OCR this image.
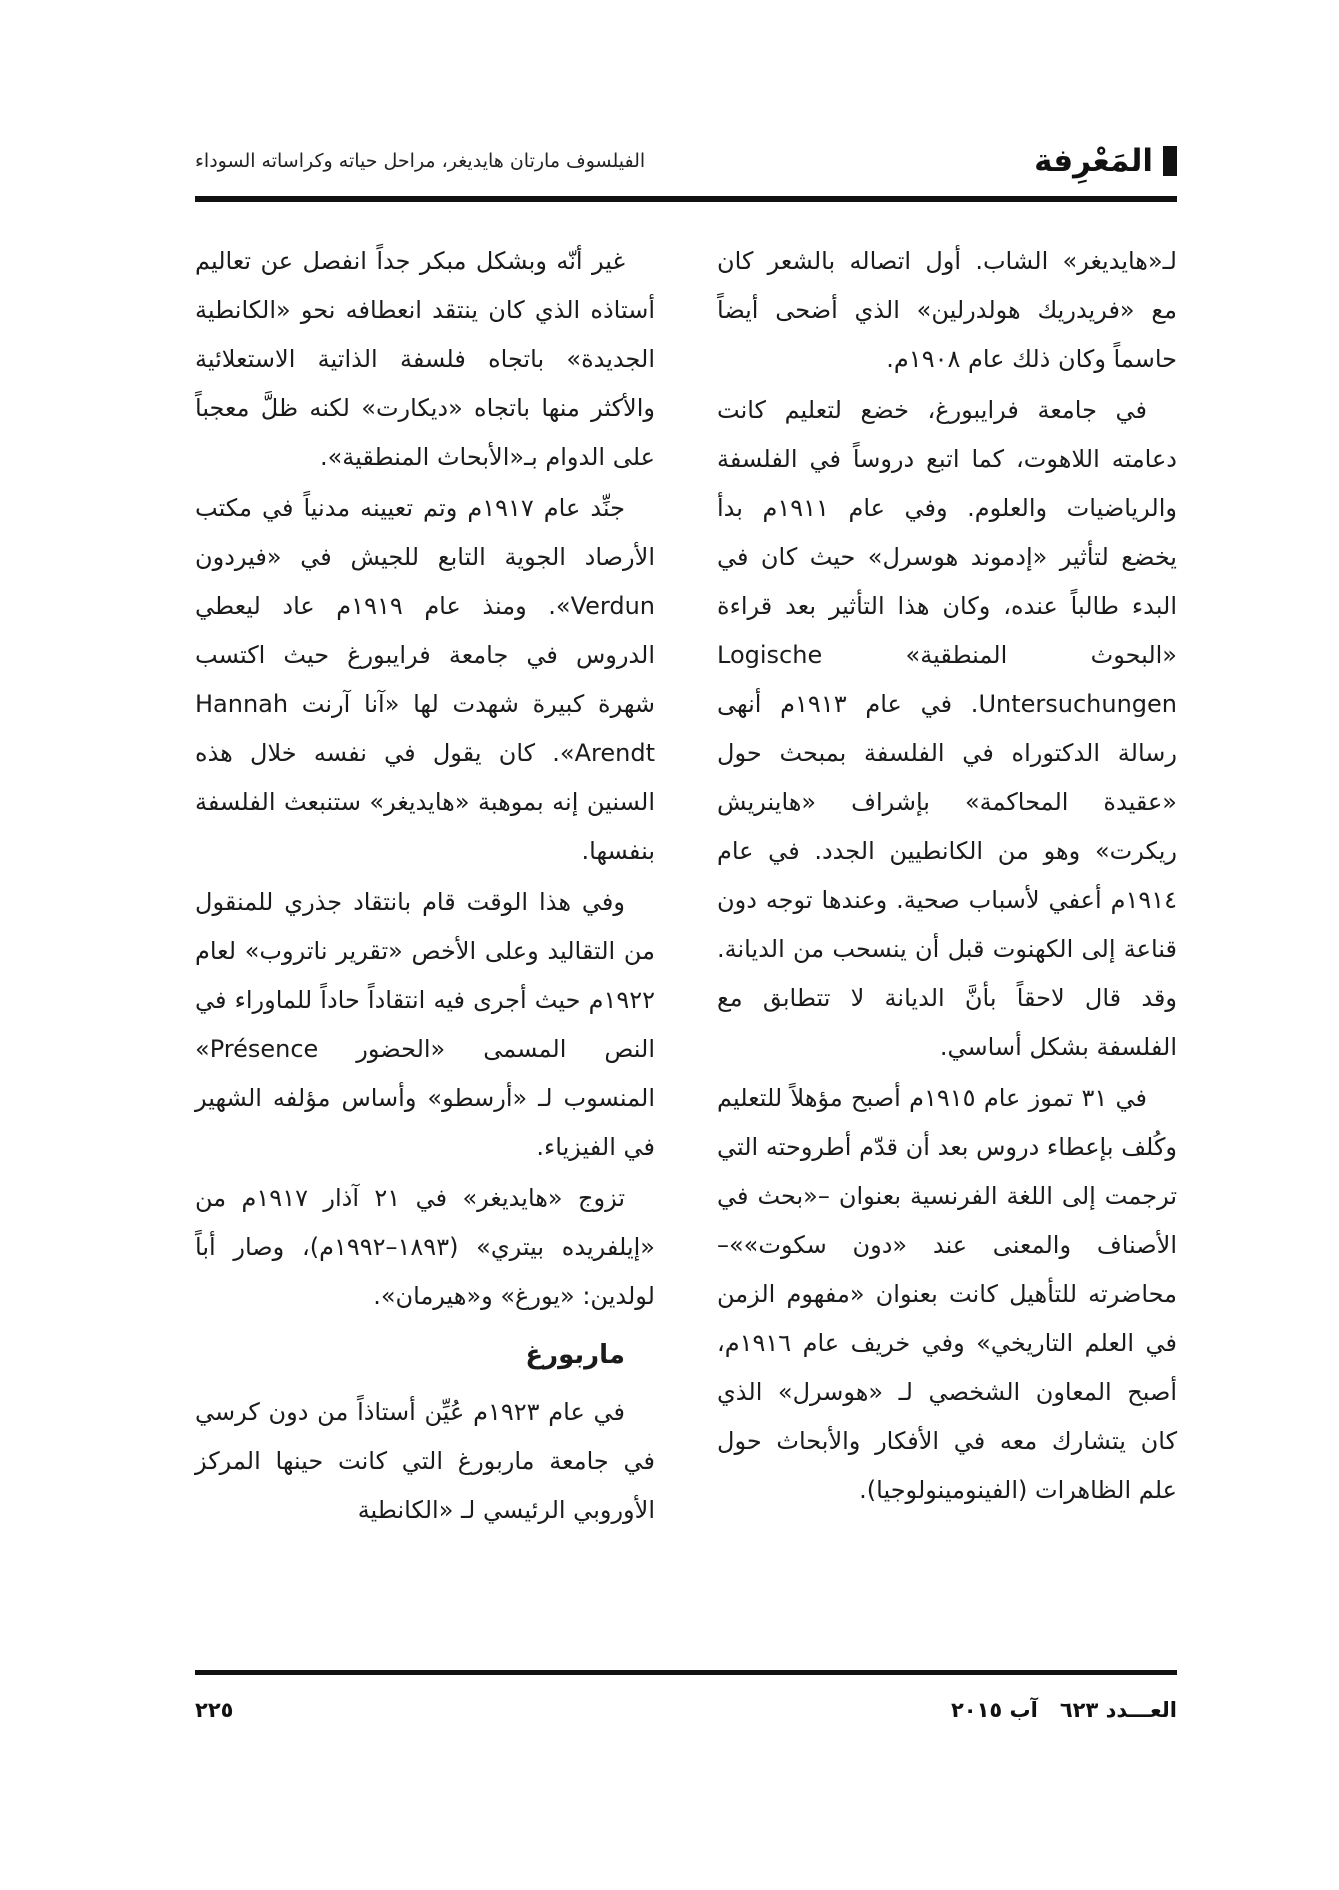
المَعْرِفة
الفيلسوف مارتان هايديغر، مراحل حياته وكراساته السوداء

لـ«هايديغر» الشاب. أول اتصاله بالشعر كان مع «فريدريك هولدرلين» الذي أضحى أيضاً حاسماً وكان ذلك عام ١٩٠٨م.

في جامعة فرايبورغ، خضع لتعليم كانت دعامته اللاهوت، كما اتبع دروساً في الفلسفة والرياضيات والعلوم. وفي عام ١٩١١م بدأ يخضع لتأثير «إدموند هوسرل» حيث كان في البدء طالباً عنده، وكان هذا التأثير بعد قراءة «البحوث المنطقية» Logische Untersuchungen. في عام ١٩١٣م أنهى رسالة الدكتوراه في الفلسفة بمبحث حول «عقيدة المحاكمة» بإشراف «هاينريش ريكرت» وهو من الكانطيين الجدد. في عام ١٩١٤م أعفي لأسباب صحية. وعندها توجه دون قناعة إلى الكهنوت قبل أن ينسحب من الديانة. وقد قال لاحقاً بأنَّ الديانة لا تتطابق مع الفلسفة بشكل أساسي.

في ٣١ تموز عام ١٩١٥م أصبح مؤهلاً للتعليم وكُلف بإعطاء دروس بعد أن قدّم أطروحته التي ترجمت إلى اللغة الفرنسية بعنوان –«بحث في الأصناف والمعنى عند «دون سكوت»»– محاضرته للتأهيل كانت بعنوان «مفهوم الزمن في العلم التاريخي» وفي خريف عام ١٩١٦م، أصبح المعاون الشخصي لـ «هوسرل» الذي كان يتشارك معه في الأفكار والأبحاث حول علم الظاهرات (الفينومينولوجيا).

غير أنّه وبشكل مبكر جداً انفصل عن تعاليم أستاذه الذي كان ينتقد انعطافه نحو «الكانطية الجديدة» باتجاه فلسفة الذاتية الاستعلائية والأكثر منها باتجاه «ديكارت» لكنه ظلَّ معجباً على الدوام بـ«الأبحاث المنطقية».

جنِّد عام ١٩١٧م وتم تعيينه مدنياً في مكتب الأرصاد الجوية التابع للجيش في «فيردون Verdun». ومنذ عام ١٩١٩م عاد ليعطي الدروس في جامعة فرايبورغ حيث اكتسب شهرة كبيرة شهدت لها «آنا آرنت Hannah Arendt». كان يقول في نفسه خلال هذه السنين إنه بموهبة «هايديغر» ستنبعث الفلسفة بنفسها.

وفي هذا الوقت قام بانتقاد جذري للمنقول من التقاليد وعلى الأخص «تقرير ناتروب» لعام ١٩٢٢م حيث أجرى فيه انتقاداً حاداً للماوراء في النص المسمى «الحضور Présence» المنسوب لـ «أرسطو» وأساس مؤلفه الشهير في الفيزياء.

تزوج «هايديغر» في ٢١ آذار ١٩١٧م من «إيلفريده بيتري» (١٨٩٣–١٩٩٢م)، وصار أباً لولدين: «يورغ» و«هيرمان».

ماربورغ

في عام ١٩٢٣م عُيِّن أستاذاً من دون كرسي في جامعة ماربورغ التي كانت حينها المركز الأوروبي الرئيسي لـ «الكانطية

العـــدد ٦٢٣
آب ٢٠١٥
٢٢٥
